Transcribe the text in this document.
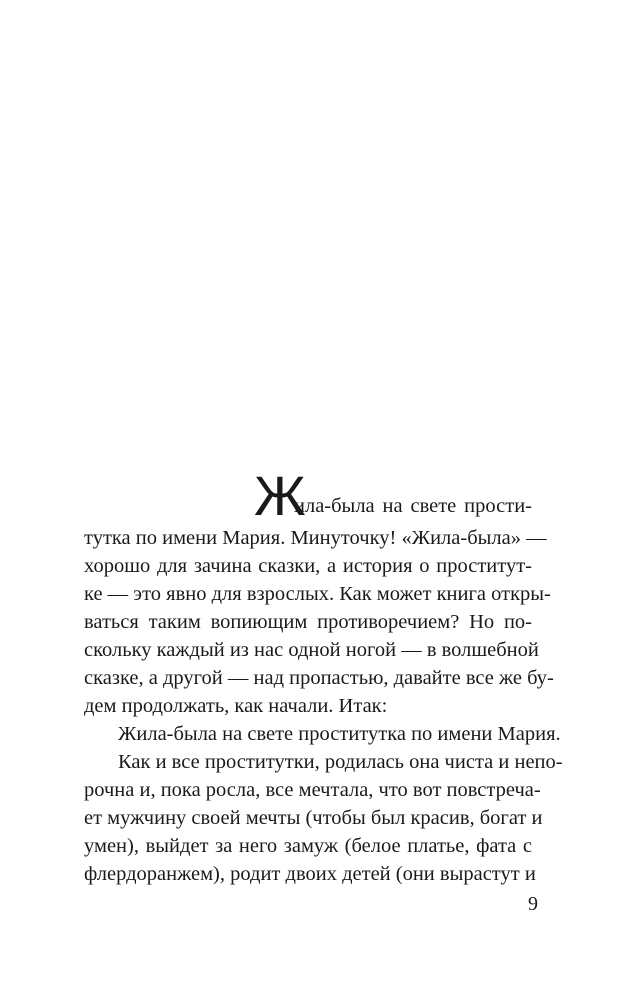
Ж
ила-была на свете прости-
тутка по имени Мария. Минуточку! «Жила-была» —
хорошо для зачина сказки, а история о проститут-
ке — это явно для взрослых. Как может книга откры-
ваться таким вопиющим противоречием? Но по-
скольку каждый из нас одной ногой — в волшебной
сказке, а другой — над пропастью, давайте все же бу-
дем продолжать, как начали. Итак:
Жила-была на свете проститутка по имени Мария.
Как и все проститутки, родилась она чиста и непо-
рочна и, пока росла, все мечтала, что вот повстреча-
ет мужчину своей мечты (чтобы был красив, богат и
умен), выйдет за него замуж (белое платье, фата с
флердоранжем), родит двоих детей (они вырастут и
9
